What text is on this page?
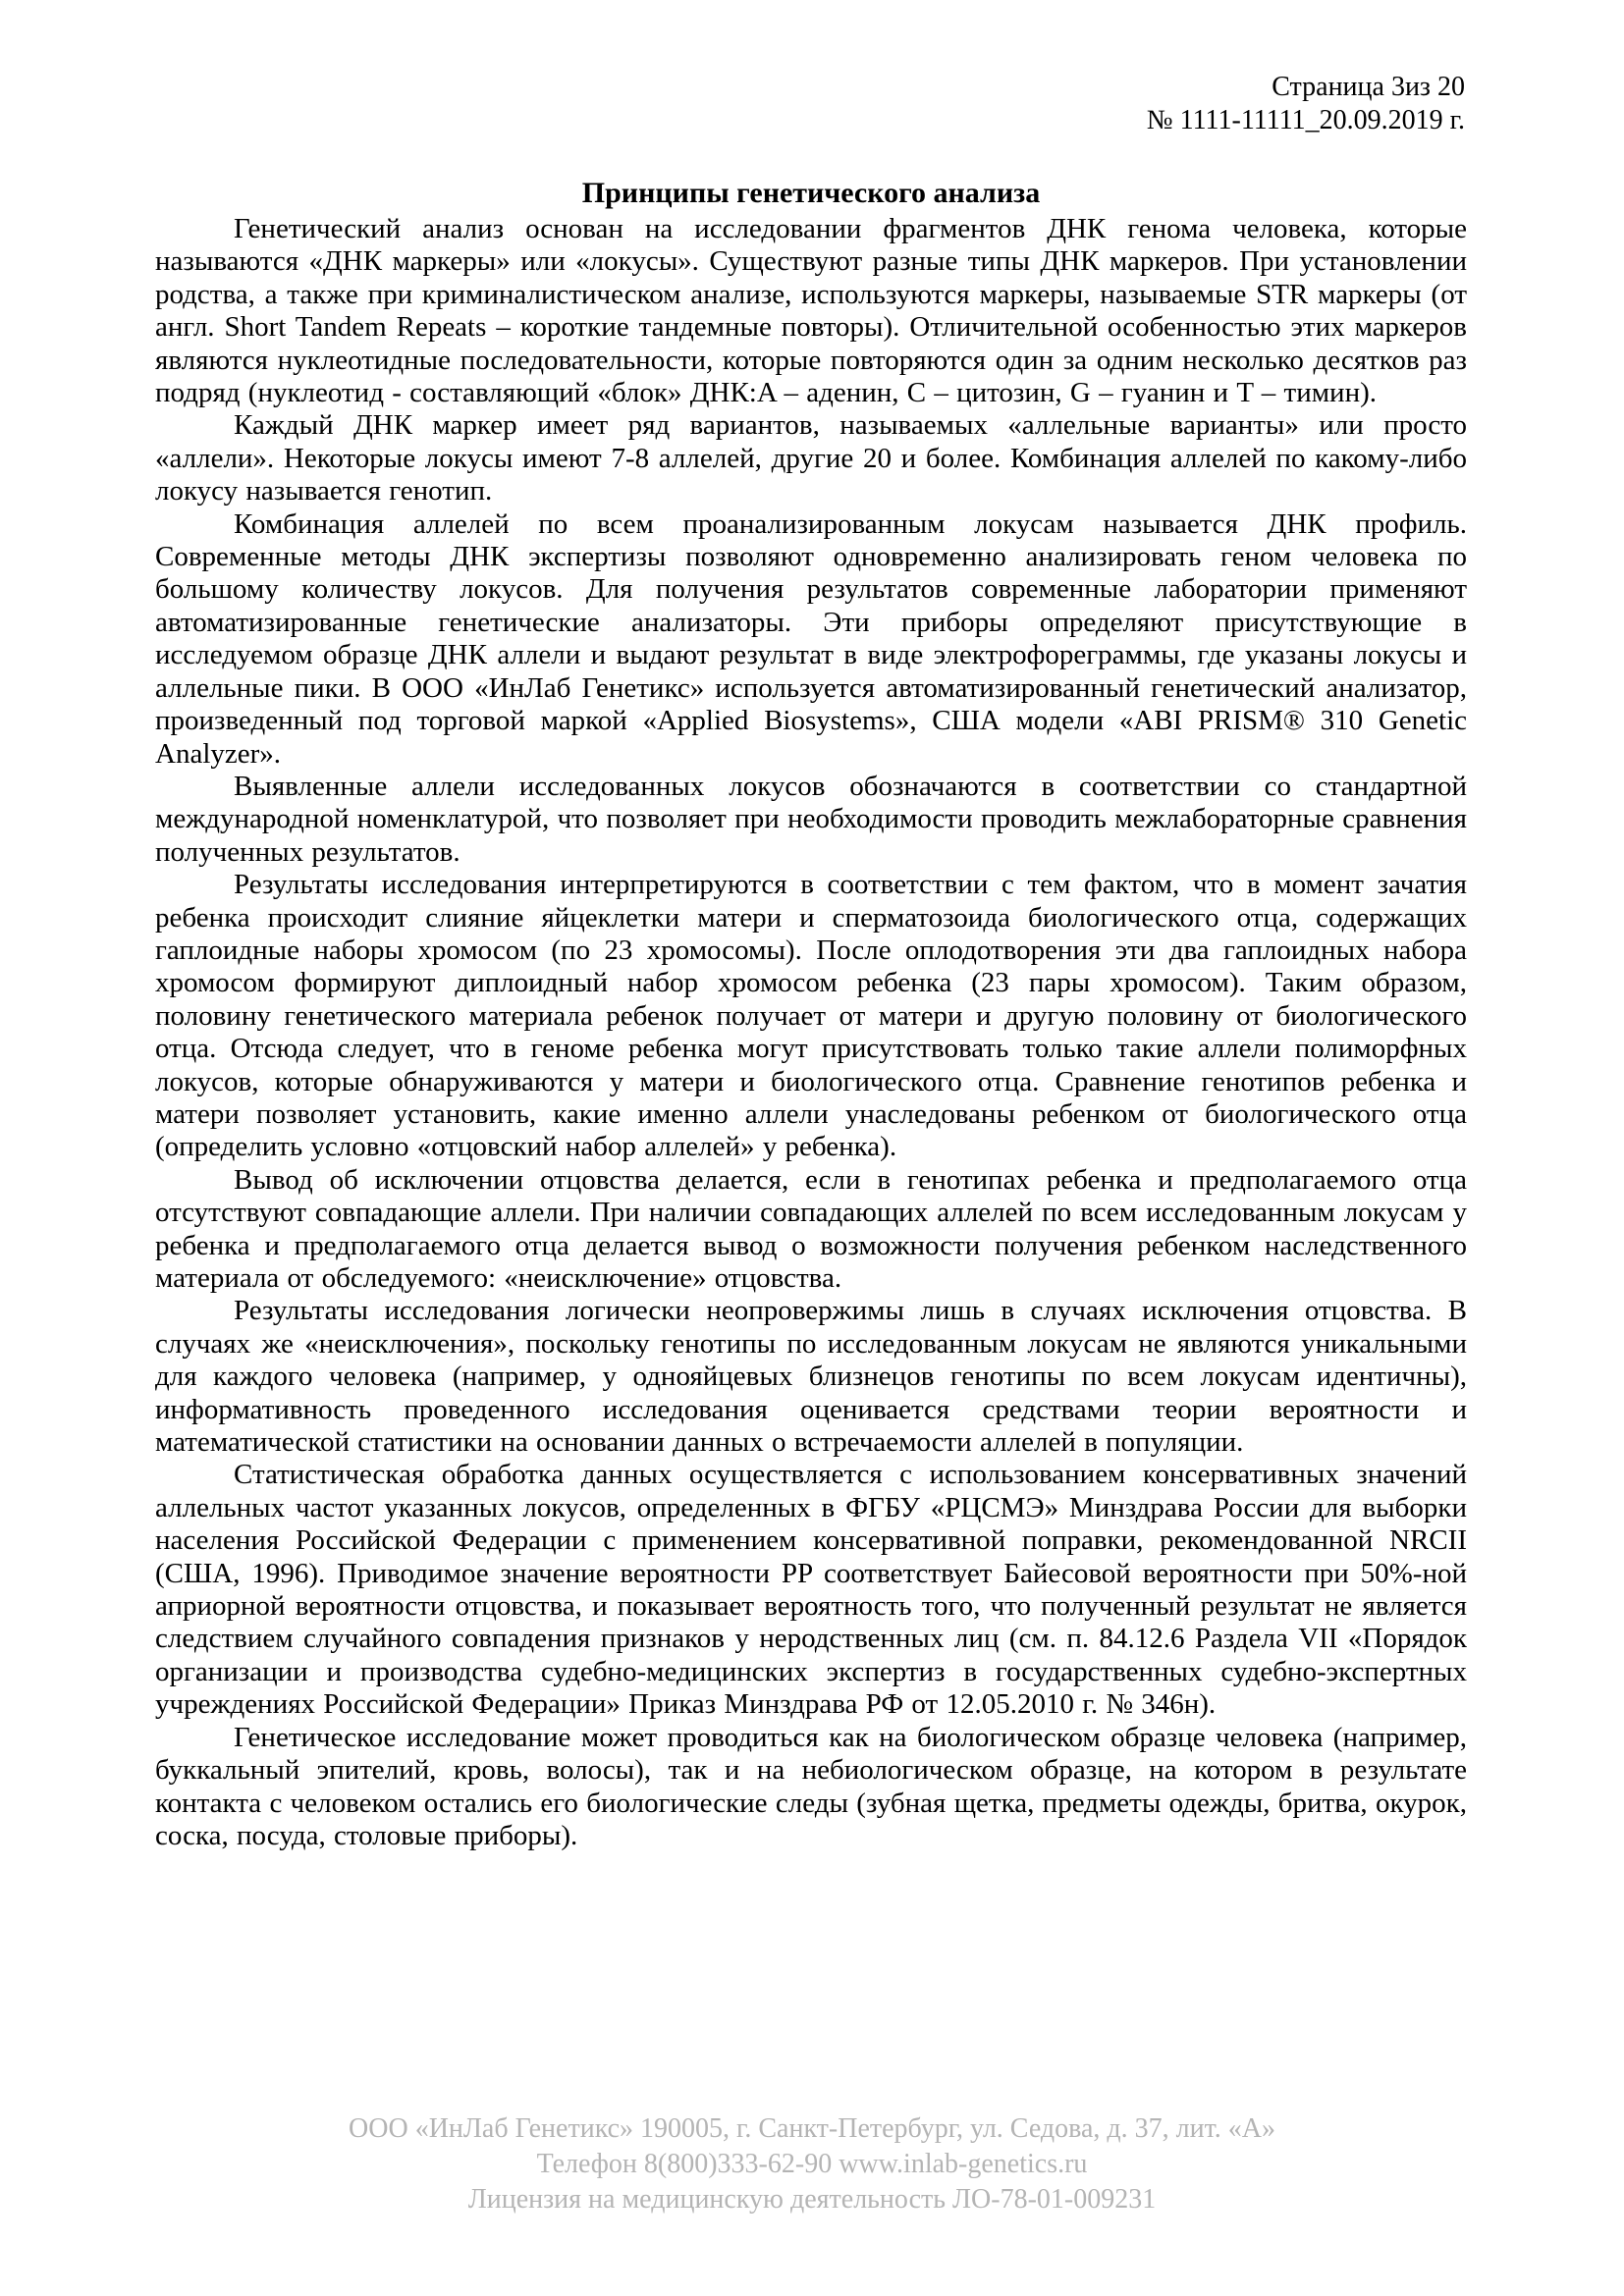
Страница 3из 20
№ 1111-11111_20.09.2019 г.
Принципы генетического анализа

Генетический анализ основан на исследовании фрагментов ДНК генома человека, которые называются «ДНК маркеры» или «локусы». Существуют разные типы ДНК маркеров. При установлении родства, а также при криминалистическом анализе, используются маркеры, называемые STR маркеры (от англ. Short Tandem Repeats – короткие тандемные повторы). Отличительной особенностью этих маркеров являются нуклеотидные последовательности, которые повторяются один за одним несколько десятков раз подряд (нуклеотид - составляющий «блок» ДНК:A – аденин, C – цитозин, G – гуанин и T – тимин).

Каждый ДНК маркер имеет ряд вариантов, называемых «аллельные варианты» или просто «аллели». Некоторые локусы имеют 7-8 аллелей, другие 20 и более. Комбинация аллелей по какому-либо локусу называется генотип.

Комбинация аллелей по всем проанализированным локусам называется ДНК профиль. Современные методы ДНК экспертизы позволяют одновременно анализировать геном человека по большому количеству локусов. Для получения результатов современные лаборатории применяют автоматизированные генетические анализаторы. Эти приборы определяют присутствующие в исследуемом образце ДНК аллели и выдают результат в виде электрофореграммы, где указаны локусы и аллельные пики. В ООО «ИнЛаб Генетикс» используется автоматизированный генетический анализатор, произведенный под торговой маркой «Applied Biosystems», США модели «ABI PRISM® 310 Genetic Analyzer».

Выявленные аллели исследованных локусов обозначаются в соответствии со стандартной международной номенклатурой, что позволяет при необходимости проводить межлабораторные сравнения полученных результатов.

Результаты исследования интерпретируются в соответствии с тем фактом, что в момент зачатия ребенка происходит слияние яйцеклетки матери и сперматозоида биологического отца, содержащих гаплоидные наборы хромосом (по 23 хромосомы). После оплодотворения эти два гаплоидных набора хромосом формируют диплоидный набор хромосом ребенка (23 пары хромосом). Таким образом, половину генетического материала ребенок получает от матери и другую половину от биологического отца. Отсюда следует, что в геноме ребенка могут присутствовать только такие аллели полиморфных локусов, которые обнаруживаются у матери и биологического отца. Сравнение генотипов ребенка и матери позволяет установить, какие именно аллели унаследованы ребенком от биологического отца (определить условно «отцовский набор аллелей» у ребенка).

Вывод об исключении отцовства делается, если в генотипах ребенка и предполагаемого отца отсутствуют совпадающие аллели. При наличии совпадающих аллелей по всем исследованным локусам у ребенка и предполагаемого отца делается вывод о возможности получения ребенком наследственного материала от обследуемого: «неисключение» отцовства.

Результаты исследования логически неопровержимы лишь в случаях исключения отцовства. В случаях же «неисключения», поскольку генотипы по исследованным локусам не являются уникальными для каждого человека (например, у однояйцевых близнецов генотипы по всем локусам идентичны), информативность проведенного исследования оценивается средствами теории вероятности и математической статистики на основании данных о встречаемости аллелей в популяции.

Статистическая обработка данных осуществляется с использованием консервативных значений аллельных частот указанных локусов, определенных в ФГБУ «РЦСМЭ» Минздрава России для выборки населения Российской Федерации с применением консервативной поправки, рекомендованной NRCII (США, 1996). Приводимое значение вероятности PP соответствует Байесовой вероятности при 50%-ной априорной вероятности отцовства, и показывает вероятность того, что полученный результат не является следствием случайного совпадения признаков у неродственных лиц (см. п. 84.12.6 Раздела VII «Порядок организации и производства судебно-медицинских экспертиз в государственных судебно-экспертных учреждениях Российской Федерации» Приказ Минздрава РФ от 12.05.2010 г. № 346н).

Генетическое исследование может проводиться как на биологическом образце человека (например, буккальный эпителий, кровь, волосы), так и на небиологическом образце, на котором в результате контакта с человеком остались его биологические следы (зубная щетка, предметы одежды, бритва, окурок, соска, посуда, столовые приборы).

ООО «ИнЛаб Генетикс» 190005, г. Санкт-Петербург, ул. Седова, д. 37, лит. «А»
Телефон 8(800)333-62-90 www.inlab-genetics.ru
Лицензия на медицинскую деятельность ЛО-78-01-009231
